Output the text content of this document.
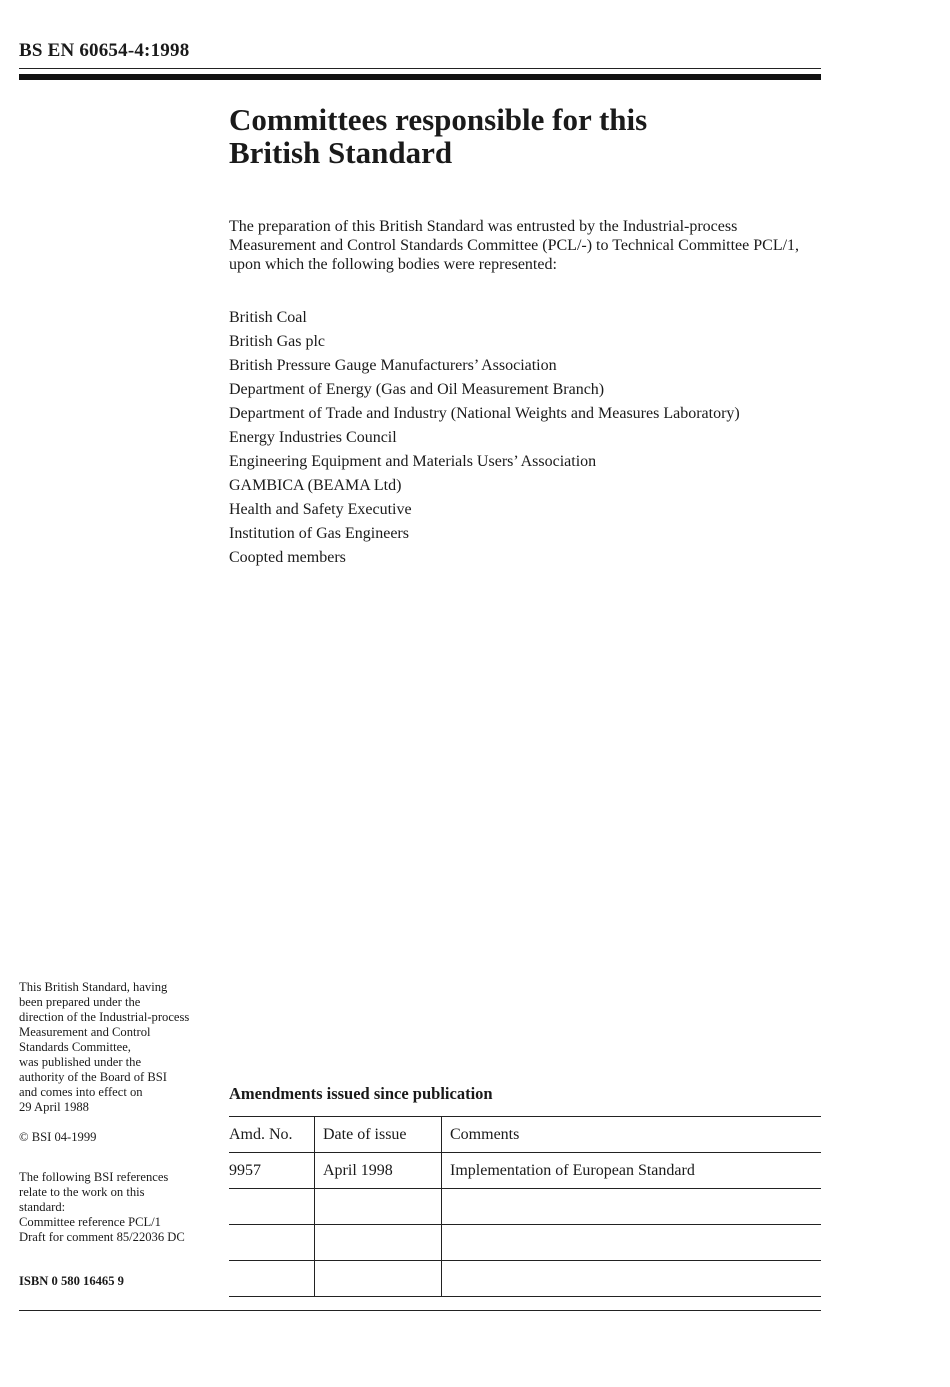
BS EN 60654-4:1998
Committees responsible for this
British Standard

The preparation of this British Standard was entrusted by the Industrial-process Measurement and Control Standards Committee (PCL/-) to Technical Committee PCL/1, upon which the following bodies were represented:

British Coal
British Gas plc
British Pressure Gauge Manufacturers’ Association
Department of Energy (Gas and Oil Measurement Branch)
Department of Trade and Industry (National Weights and Measures Laboratory)
Energy Industries Council
Engineering Equipment and Materials Users’ Association
GAMBICA (BEAMA Ltd)
Health and Safety Executive
Institution of Gas Engineers
Coopted members

This British Standard, having
been prepared under the
direction of the Industrial-process
Measurement and Control
Standards Committee,
was published under the
authority of the Board of BSI
and comes into effect on
29 April 1988

© BSI 04-1999

The following BSI references
relate to the work on this
standard:
Committee reference PCL/1
Draft for comment 85/22036 DC

ISBN 0 580 16465 9

Amendments issued since publication
Amd. No.	Date of issue	Comments
9957	April 1998	Implementation of European Standard
